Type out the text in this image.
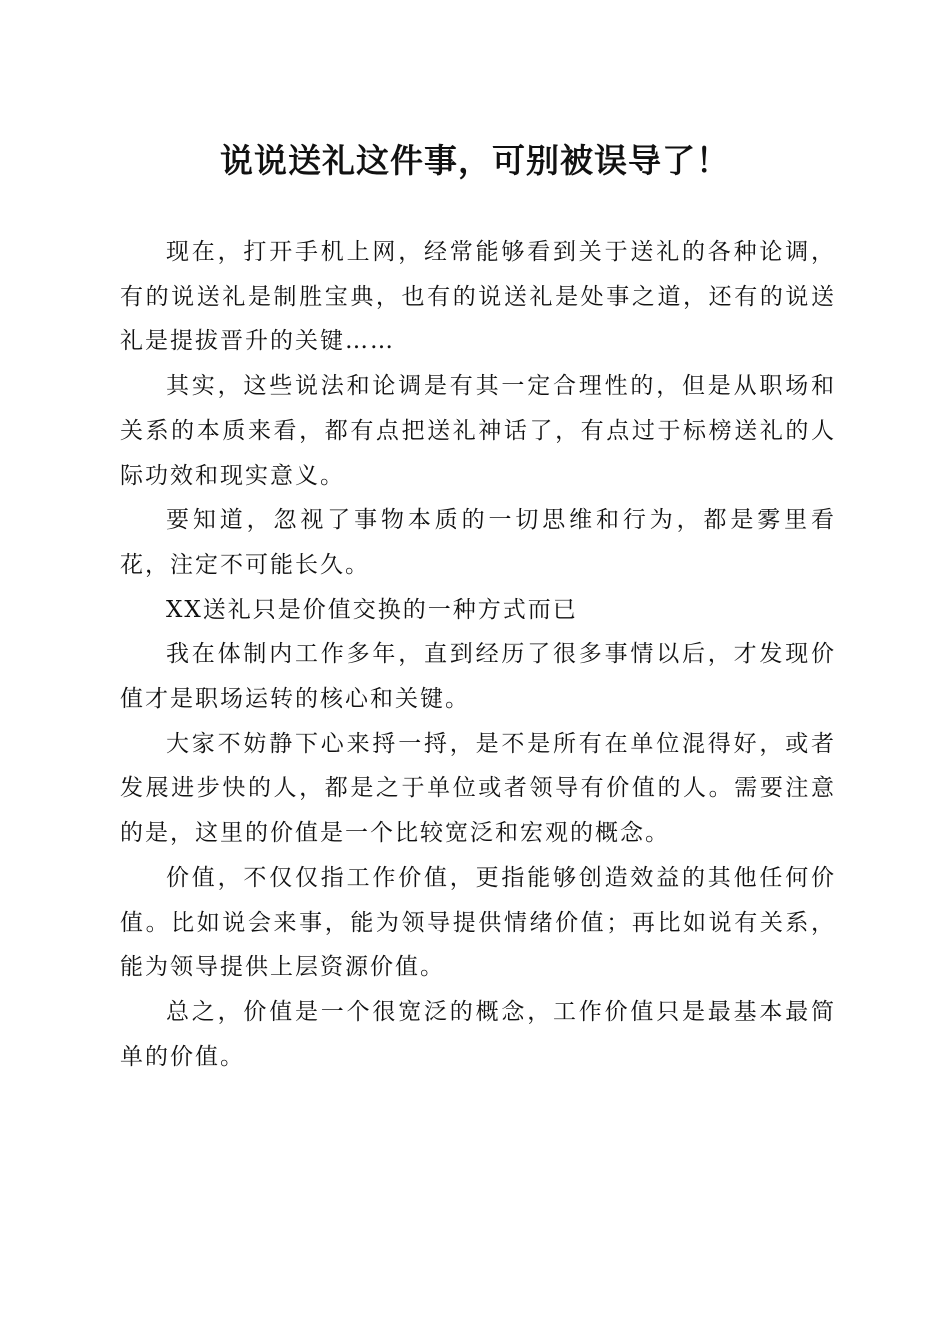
说说送礼这件事，可别被误导了！

现在，打开手机上网，经常能够看到关于送礼的各种论调，有的说送礼是制胜宝典，也有的说送礼是处事之道，还有的说送礼是提拔晋升的关键……

其实，这些说法和论调是有其一定合理性的，但是从职场和关系的本质来看，都有点把送礼神话了，有点过于标榜送礼的人际功效和现实意义。

要知道，忽视了事物本质的一切思维和行为，都是雾里看花，注定不可能长久。

XX送礼只是价值交换的一种方式而已

我在体制内工作多年，直到经历了很多事情以后，才发现价值才是职场运转的核心和关键。

大家不妨静下心来捋一捋，是不是所有在单位混得好，或者发展进步快的人，都是之于单位或者领导有价值的人。需要注意的是，这里的价值是一个比较宽泛和宏观的概念。

价值，不仅仅指工作价值，更指能够创造效益的其他任何价值。比如说会来事，能为领导提供情绪价值；再比如说有关系，能为领导提供上层资源价值。

总之，价值是一个很宽泛的概念，工作价值只是最基本最简单的价值。
